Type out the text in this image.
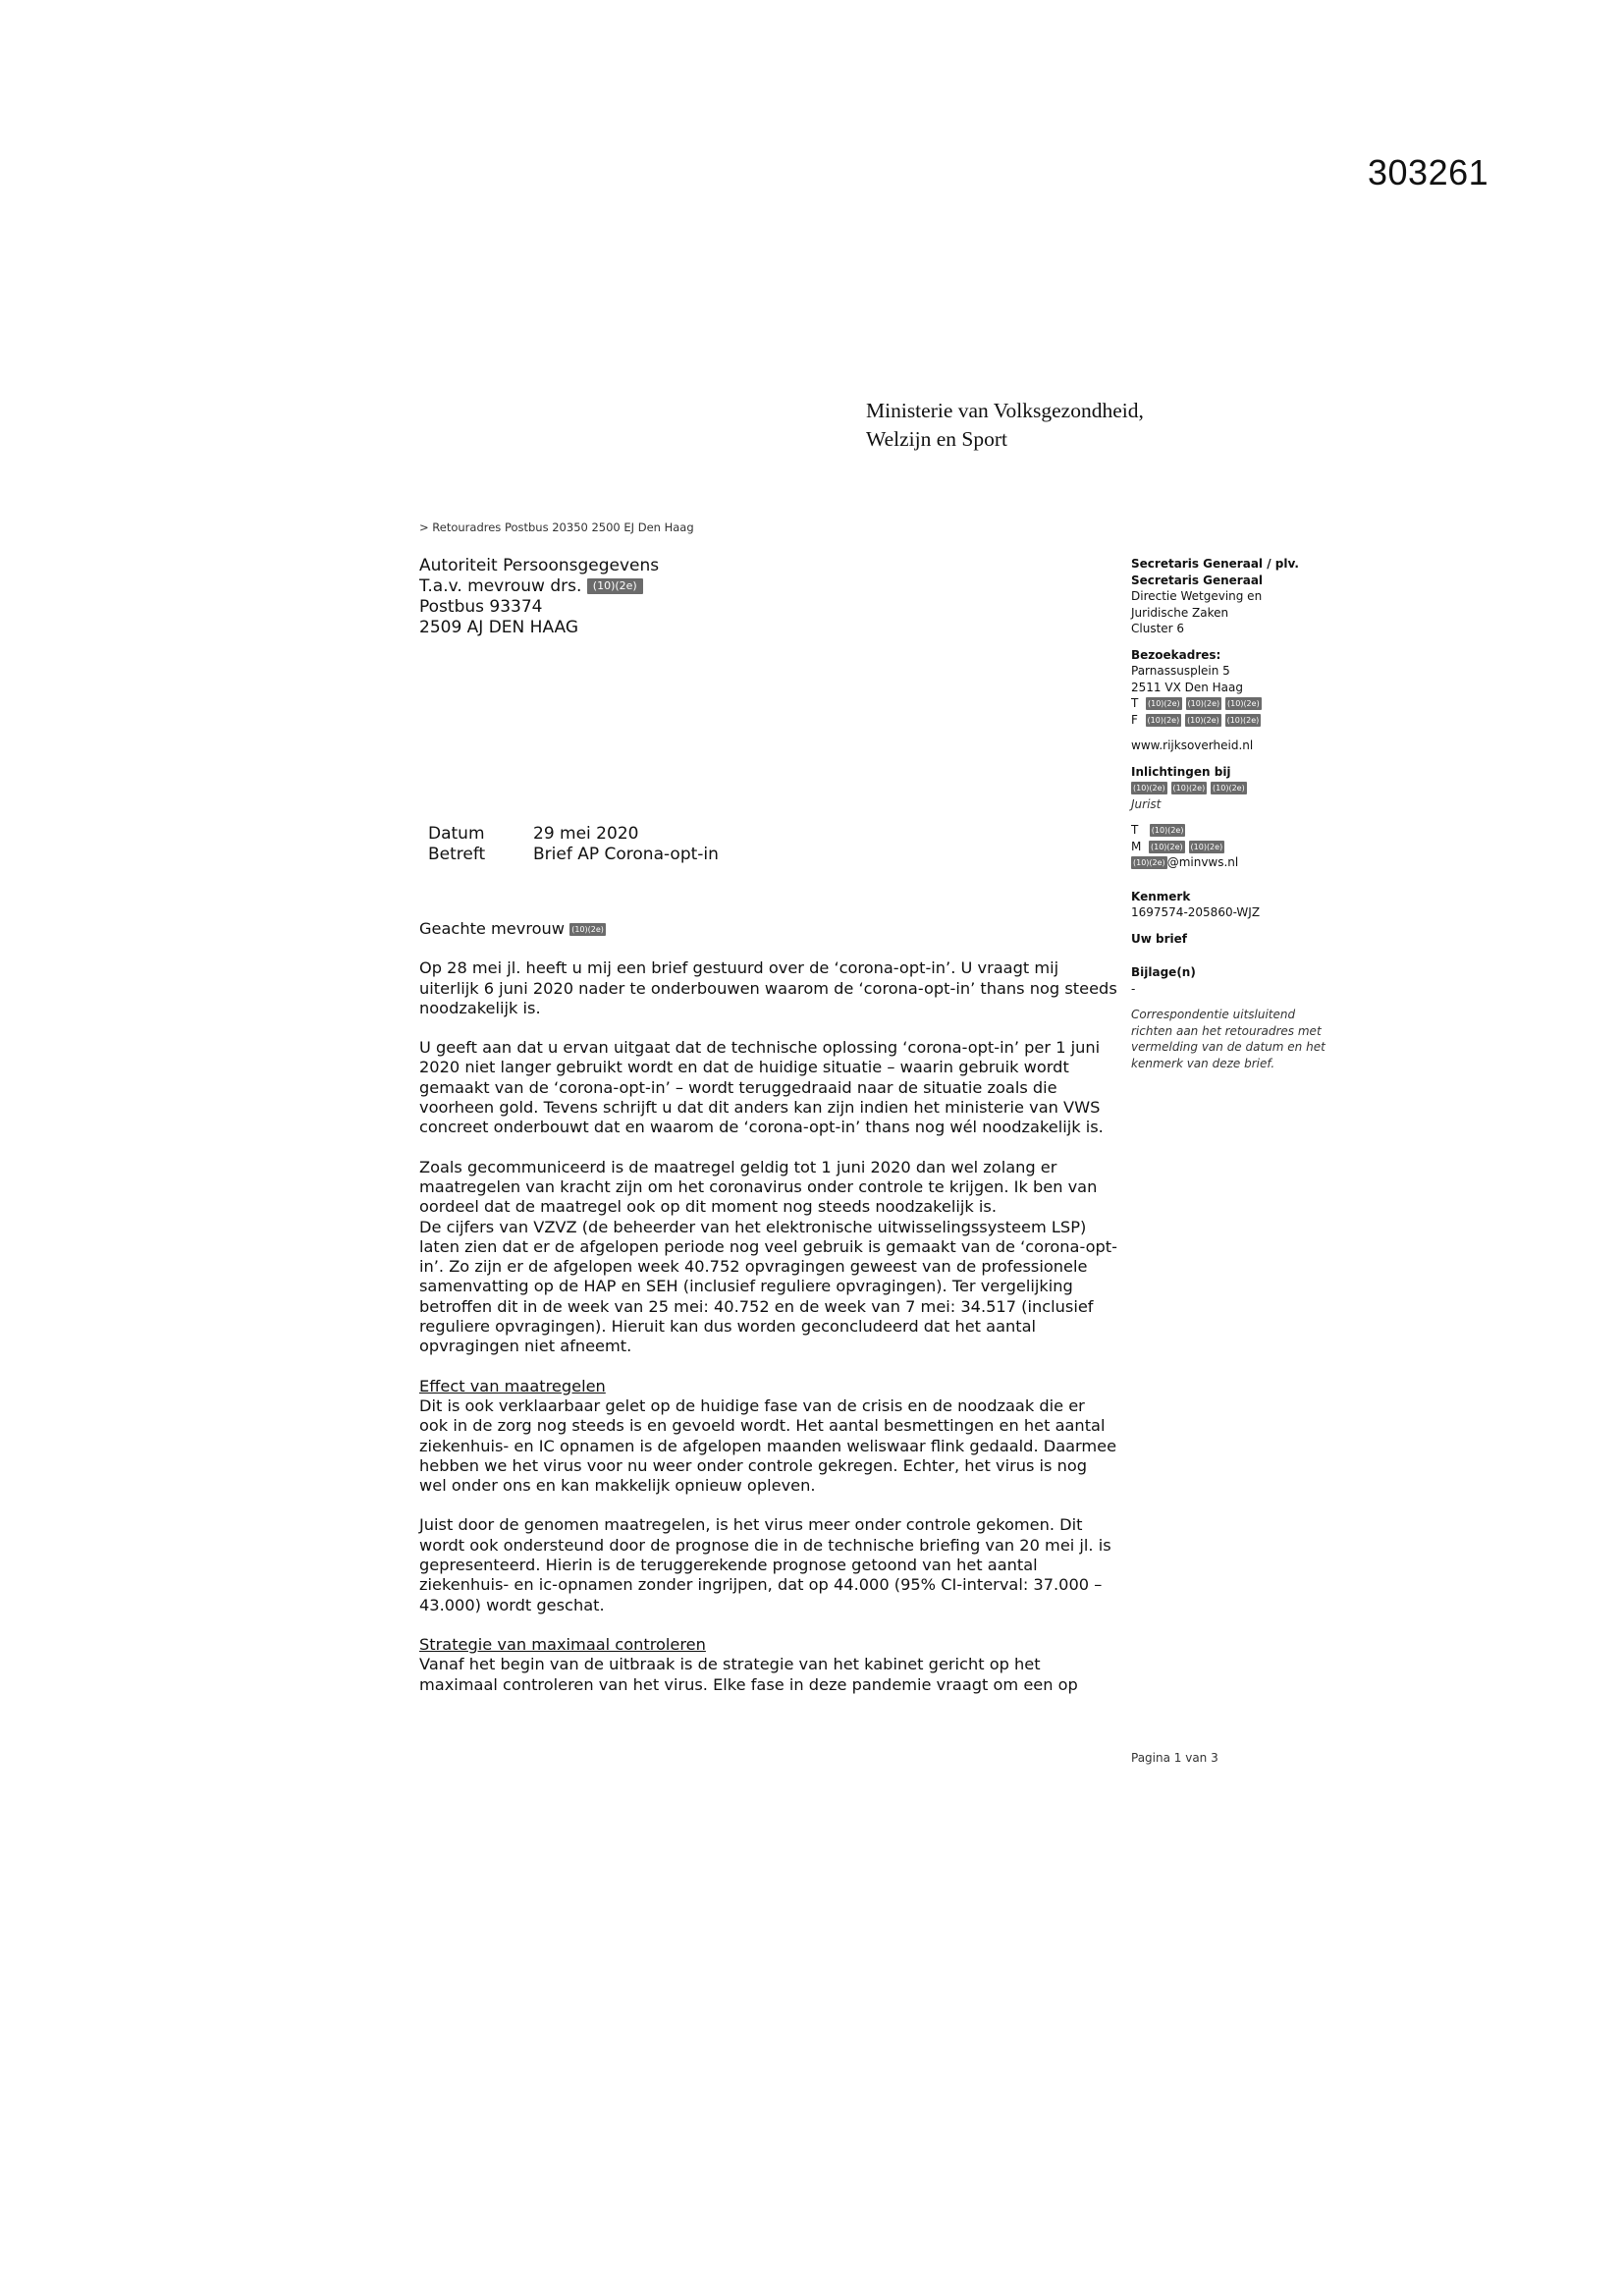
303261
Ministerie van Volksgezondheid,
Welzijn en Sport
> Retouradres Postbus 20350 2500 EJ Den Haag
Autoriteit Persoonsgegevens
T.a.v. mevrouw drs. (10)(2e)
Postbus 93374
2509 AJ DEN HAAG
Datum	29 mei 2020
Betreft	Brief AP Corona-opt-in

Geachte mevrouw (10)(2e)

Op 28 mei jl. heeft u mij een brief gestuurd over de ‘corona-opt-in’. U vraagt mij uiterlijk 6 juni 2020 nader te onderbouwen waarom de ‘corona-opt-in’ thans nog steeds noodzakelijk is.

U geeft aan dat u ervan uitgaat dat de technische oplossing ‘corona-opt-in’ per 1 juni 2020 niet langer gebruikt wordt en dat de huidige situatie – waarin gebruik wordt gemaakt van de ‘corona-opt-in’ – wordt teruggedraaid naar de situatie zoals die voorheen gold. Tevens schrijft u dat dit anders kan zijn indien het ministerie van VWS concreet onderbouwt dat en waarom de ‘corona-opt-in’ thans nog wél noodzakelijk is.

Zoals gecommuniceerd is de maatregel geldig tot 1 juni 2020 dan wel zolang er maatregelen van kracht zijn om het coronavirus onder controle te krijgen. Ik ben van oordeel dat de maatregel ook op dit moment nog steeds noodzakelijk is.

De cijfers van VZVZ (de beheerder van het elektronische uitwisselingssysteem LSP) laten zien dat er de afgelopen periode nog veel gebruik is gemaakt van de ‘corona-opt-in’. Zo zijn er de afgelopen week 40.752 opvragingen geweest van de professionele samenvatting op de HAP en SEH (inclusief reguliere opvragingen). Ter vergelijking betroffen dit in de week van 25 mei: 40.752 en de week van 7 mei: 34.517 (inclusief reguliere opvragingen). Hieruit kan dus worden geconcludeerd dat het aantal opvragingen niet afneemt.

Effect van maatregelen

Dit is ook verklaarbaar gelet op de huidige fase van de crisis en de noodzaak die er ook in de zorg nog steeds is en gevoeld wordt. Het aantal besmettingen en het aantal ziekenhuis- en IC opnamen is de afgelopen maanden weliswaar flink gedaald. Daarmee hebben we het virus voor nu weer onder controle gekregen. Echter, het virus is nog wel onder ons en kan makkelijk opnieuw opleven.

Juist door de genomen maatregelen, is het virus meer onder controle gekomen. Dit wordt ook ondersteund door de prognose die in de technische briefing van 20 mei jl. is gepresenteerd. Hierin is de teruggerekende prognose getoond van het aantal ziekenhuis- en ic-opnamen zonder ingrijpen, dat op 44.000 (95% CI-interval: 37.000 –43.000) wordt geschat.

Strategie van maximaal controleren

Vanaf het begin van de uitbraak is de strategie van het kabinet gericht op het maximaal controleren van het virus. Elke fase in deze pandemie vraagt om een op

Secretaris Generaal / plv.
Secretaris Generaal
Directie Wetgeving en
Juridische Zaken
Cluster 6
Bezoekadres:
Parnassusplein 5
2511 VX Den Haag
T (10)(2e) (10)(2e) (10)(2e)
F (10)(2e) (10)(2e) (10)(2e)
www.rijksoverheid.nl
Inlichtingen bij
(10)(2e) (10)(2e) (10)(2e)
Jurist
T (10)(2e)
M (10)(2e) (10)(2e)
(10)(2e) @minvws.nl
Kenmerk
1697574-205860-WJZ
Uw brief
Bijlage(n)
-
Correspondentie uitsluitend richten aan het retouradres met vermelding van de datum en het kenmerk van deze brief.
Pagina 1 van 3
